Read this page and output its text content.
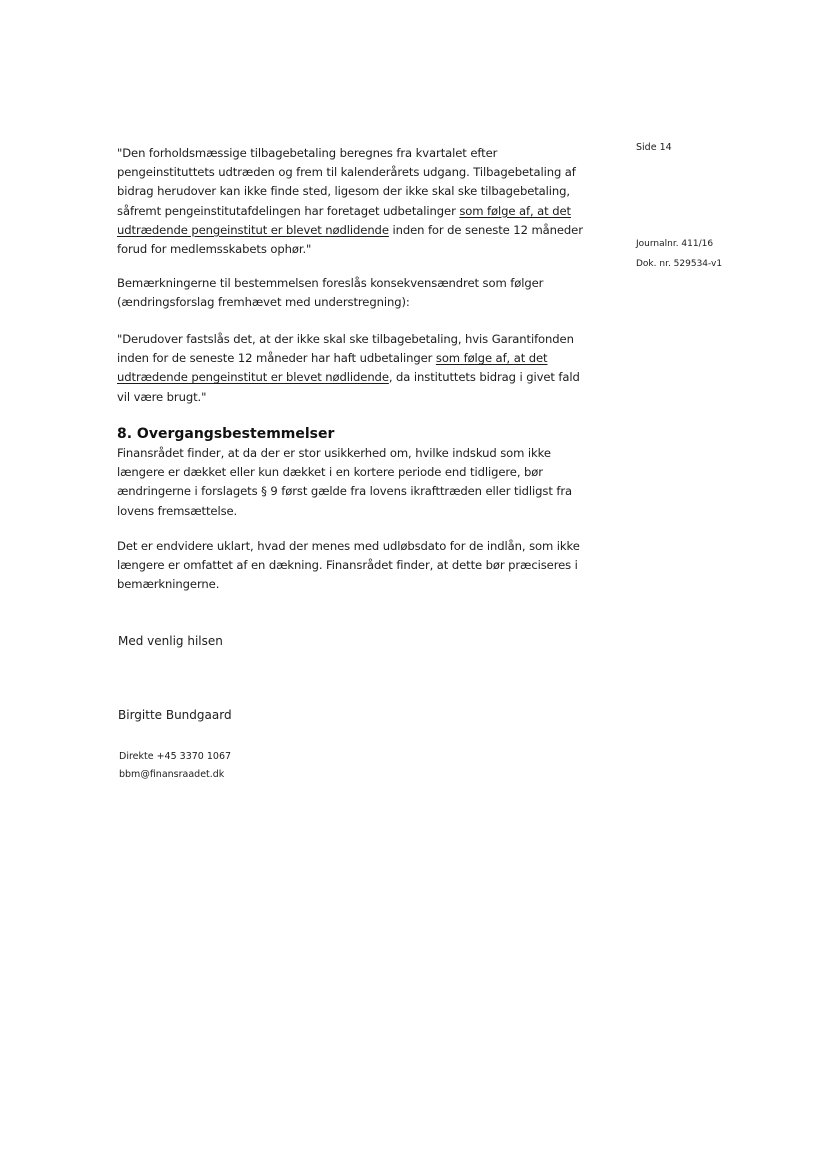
"Den forholdsmæssige tilbagebetaling beregnes fra kvartalet efter pengeinstituttets udtræden og frem til kalenderårets udgang. Tilbagebetaling af bidrag herudover kan ikke finde sted, ligesom der ikke skal ske tilbagebetaling, såfremt pengeinstitutafdelingen har foretaget udbetalinger som følge af, at det udtrædende pengeinstitut er blevet nødlidende inden for de seneste 12 måneder forud for medlemsskabets ophør."

Bemærkningerne til bestemmelsen foreslås konsekvensændret som følger (ændringsforslag fremhævet med understregning):

"Derudover fastslås det, at der ikke skal ske tilbagebetaling, hvis Garantifonden inden for de seneste 12 måneder har haft udbetalinger som følge af, at det udtrædende pengeinstitut er blevet nødlidende, da instituttets bidrag i givet fald vil være brugt."

8. Overgangsbestemmelser

Finansrådet finder, at da der er stor usikkerhed om, hvilke indskud som ikke længere er dækket eller kun dækket i en kortere periode end tidligere, bør ændringerne i forslagets § 9 først gælde fra lovens ikrafttræden eller tidligst fra lovens fremsættelse.

Det er endvidere uklart, hvad der menes med udløbsdato for de indlån, som ikke længere er omfattet af en dækning. Finansrådet finder, at dette bør præciseres i bemærkningerne.

Med venlig hilsen

Birgitte Bundgaard

Direkte +45 3370 1067
bbm@finansraadet.dk

Side 14

Journalnr. 411/16
Dok. nr. 529534-v1
